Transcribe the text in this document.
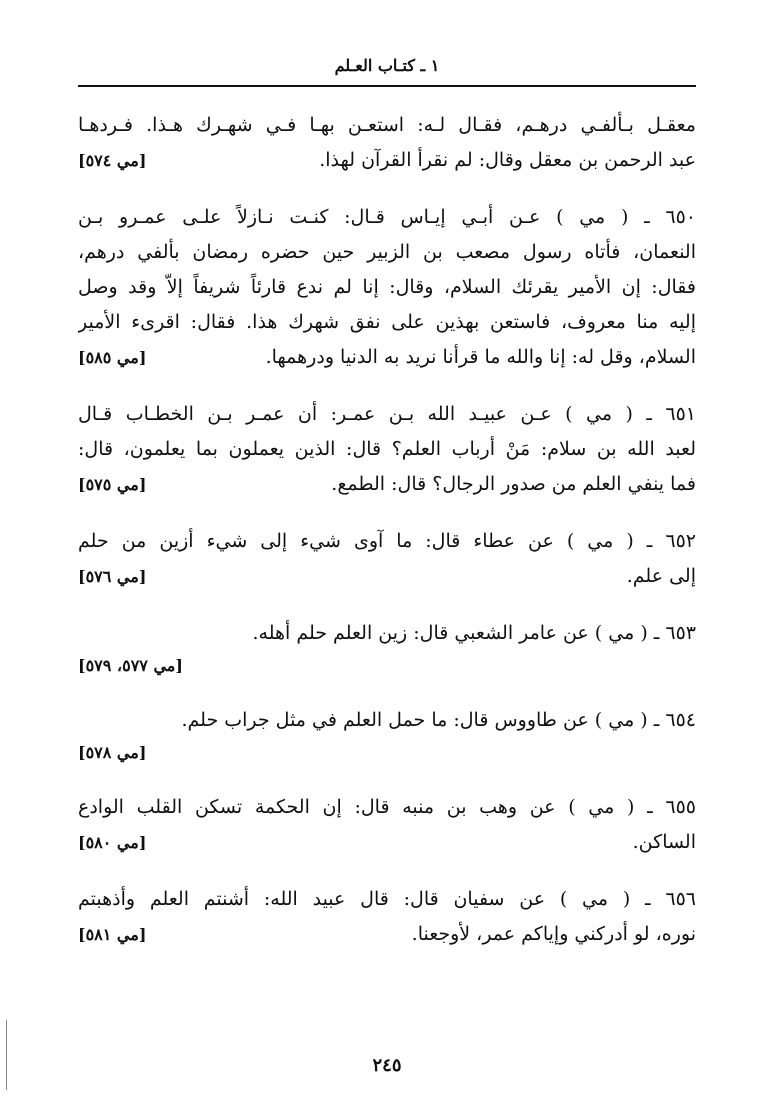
١ ـ كتـاب العـلم
معقـل بـألفـي درهـم، فقـال لـه: استعـن بهـا فـي شهـرك هـذا. فـردهـا
عبد الرحمن بن معقل وقال: لم نقرأ القرآن لهذا.
[مي ٥٧٤]
٦٥٠ ـ ( مي ) عـن أبـي إيـاس قـال: كنـت نـازلاً علـى عمـرو بـن
النعمان، فأتاه رسول مصعب بن الزبير حين حضره رمضان بألفي درهم،
فقال: إن الأمير يقرئك السلام، وقال: إنا لم ندع قارئاً شريفاً إلاّ وقد وصل
إليه منا معروف، فاستعن بهذين على نفق شهرك هذا. فقال: اقرىء الأمير
السلام، وقل له: إنا والله ما قرأنا نريد به الدنيا ودرهمها.
[مي ٥٨٥]
٦٥١ ـ ( مي ) عـن عبيـد الله بـن عمـر: أن عمـر بـن الخطـاب قـال
لعبد الله بن سلام: مَنْ أرباب العلم؟ قال: الذين يعملون بما يعلمون، قال:
فما ينفي العلم من صدور الرجال؟ قال: الطمع.
[مي ٥٧٥]
٦٥٢ ـ ( مي ) عن عطاء قال: ما آوى شيء إلى شيء أزين من حلم
إلى علم.
[مي ٥٧٦]
٦٥٣ ـ ( مي ) عن عامر الشعبي قال: زين العلم حلم أهله.
[مي ٥٧٧، ٥٧٩]
٦٥٤ ـ ( مي ) عن طاووس قال: ما حمل العلم في مثل جراب حلم.
[مي ٥٧٨]
٦٥٥ ـ ( مي ) عن وهب بن منبه قال: إن الحكمة تسكن القلب الوادع
الساكن.
[مي ٥٨٠]
٦٥٦ ـ ( مي ) عن سفيان قال: قال عبيد الله: أشنتم العلم وأذهبتم
نوره، لو أدركني وإياكم عمر، لأوجعنا.
[مي ٥٨١]
٢٤٥
